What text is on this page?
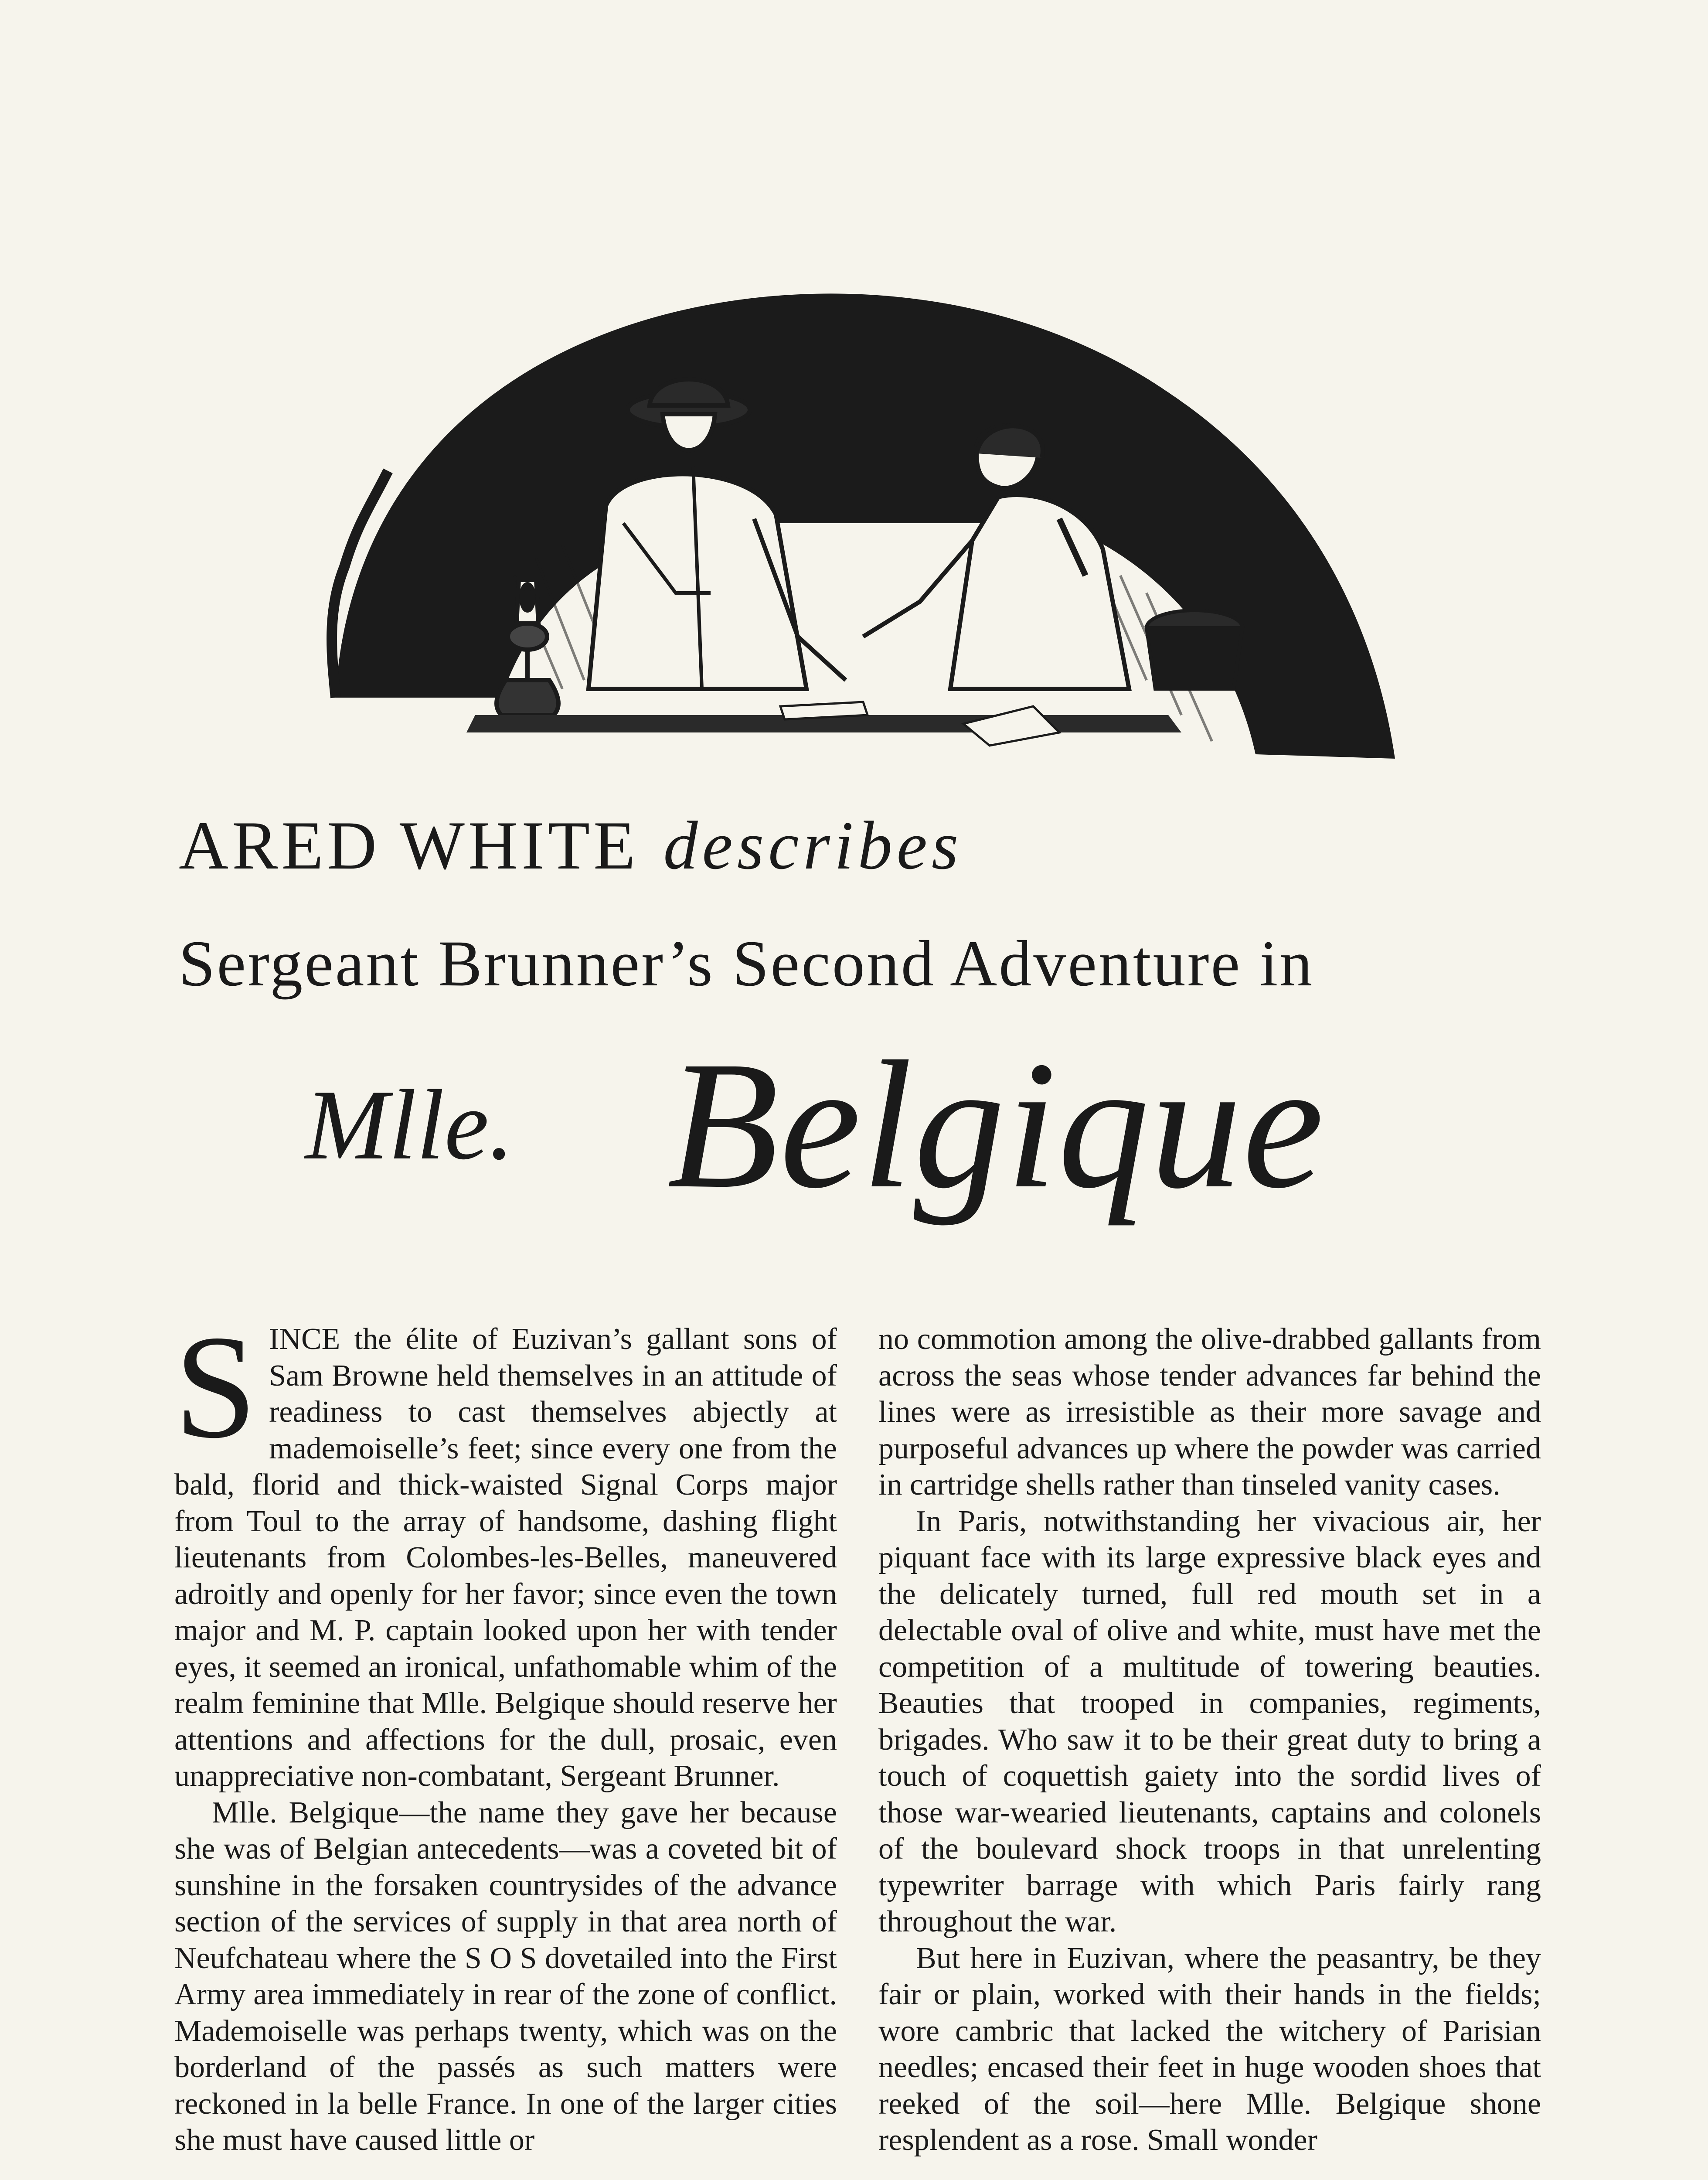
ARED WHITE describes
Sergeant Brunner’s Second Adventure in
Mlle. Belgique

SINCE the élite of Euzivan’s gallant sons of Sam Browne held themselves in an attitude of readiness to cast themselves abjectly at mademoiselle’s feet; since every one from the bald, florid and thick-waisted Signal Corps major from Toul to the array of handsome, dashing flight lieutenants from Colombes-les-Belles, maneuvered adroitly and openly for her favor; since even the town major and M. P. captain looked upon her with tender eyes, it seemed an ironical, unfathomable whim of the realm feminine that Mlle. Belgique should reserve her attentions and affections for the dull, prosaic, even unappreciative non-combatant, Sergeant Brunner.

Mlle. Belgique—the name they gave her because she was of Belgian antecedents—was a coveted bit of sunshine in the forsaken countrysides of the advance section of the services of supply in that area north of Neufchateau where the S O S dovetailed into the First Army area immediately in rear of the zone of conflict. Mademoiselle was perhaps twenty, which was on the borderland of the passés as such matters were reckoned in la belle France. In one of the larger cities she must have caused little or

no commotion among the olive-drabbed gallants from across the seas whose tender advances far behind the lines were as irresistible as their more savage and purposeful advances up where the powder was carried in cartridge shells rather than tinseled vanity cases.

In Paris, notwithstanding her vivacious air, her piquant face with its large expressive black eyes and the delicately turned, full red mouth set in a delectable oval of olive and white, must have met the competition of a multitude of towering beauties. Beauties that trooped in companies, regiments, brigades. Who saw it to be their great duty to bring a touch of coquettish gaiety into the sordid lives of those war-wearied lieutenants, captains and colonels of the boulevard shock troops in that unrelenting typewriter barrage with which Paris fairly rang throughout the war.

But here in Euzivan, where the peasantry, be they fair or plain, worked with their hands in the fields; wore cambric that lacked the witchery of Parisian needles; encased their feet in huge wooden shoes that reeked of the soil—here Mlle. Belgique shone resplendent as a rose. Small wonder
